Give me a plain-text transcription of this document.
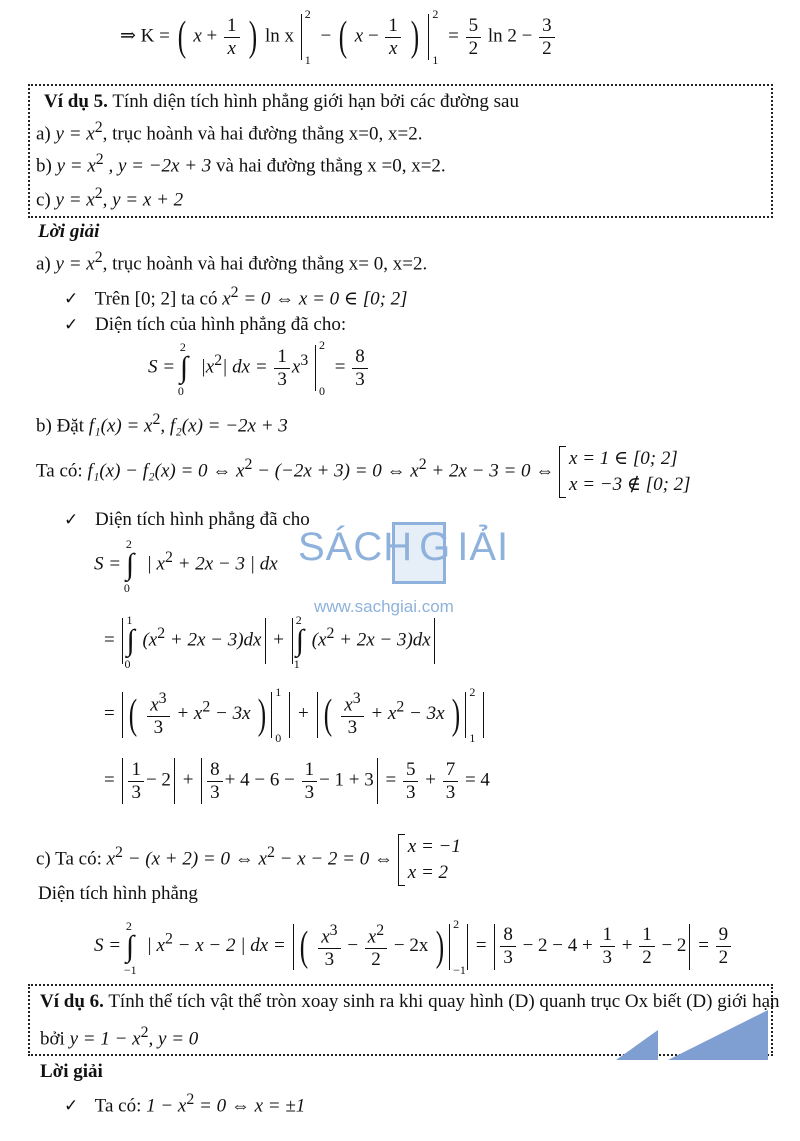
⇒ K = ( $x + \frac{1}{x}$ ) ln x
2
1
− ( $x - \frac{1}{x}$ ) 2
1
= $\frac{5}{2}$ $\ln 2 - \frac{3}{2}$
Ví dụ 5. Tính diện tích hình phẳng giới hạn bởi các đường sau
a) $y = x^2$, trục hoành và hai đường thẳng x=0, x=2.
b) $y = x^2$ , y = −2x + 3 và hai đường thẳng x =0, x=2.
c) $y = x^2$, y = x + 2
Lời giải
a) $y = x^2$, trục hoành và hai đường thẳng x= 0, x=2.
✓ Trên [0; 2] ta có $x^2 = 0$ ⇔ x = 0 ∈ [0; 2]
✓ Diện tích của hình phẳng đã cho:
S = ∫
2
0
$|x^2|$ dx = $\frac{1}{3} x^3$
2
0
= $\frac{8}{3}$
b) Đặt $f_1(x) = x^2$, f₂(x) = −2x + 3
Ta có: f₁(x) − f₂(x) = 0 ⇔ $x^2 - (-2x + 3) = 0$ ⇔ $x^2 + 2x - 3 = 0$ ⇔
x = 1 ∈ [0; 2]
x = −3 ∉ [0; 2]
✓ Diện tích hình phẳng đã cho
S = ∫
2
0
| $x^2 + 2x - 3$ | dx
= ∫
1
0
$(x^2 + 2x - 3)dx$ + ∫
2
1
$(x^2 + 2x - 3)dx$
= ( $\frac{x^3}{3} + x^2 - 3x$ ) 1
0
+ ( $\frac{x^3}{3} + x^2 - 3x$ ) 2
1
= $\frac{1}{3} - 2 + \frac{8}{3} + 4 - 6 - \frac{1}{3} - 1 + 3 = \frac{5}{3} + \frac{7}{3} = 4$
c) Ta có: $x^2 - (x + 2) = 0$ ⇔ $x^2 - x - 2 = 0$ ⇔
x = −1
x = 2
Diện tích hình phẳng
S = ∫
2
−1
| $x^2 - x - 2$ | dx = ( $\frac{x^3}{3} - \frac{x^2}{2} - 2x$ ) 2
−1
= $\frac{8}{3} - 2 - 4 + \frac{1}{3} + \frac{1}{2} - 2 = \frac{9}{2}$
Ví dụ 6. Tính thể tích vật thể tròn xoay sinh ra khi quay hình (D) quanh trục Ox biết (D) giới hạn
bởi $y = 1 - x^2$, y = 0
Lời giải
✓ Ta có: $1 - x^2 = 0$ ⇔ x = ±1
SÁCH G IẢI
www.sachgiai.com
